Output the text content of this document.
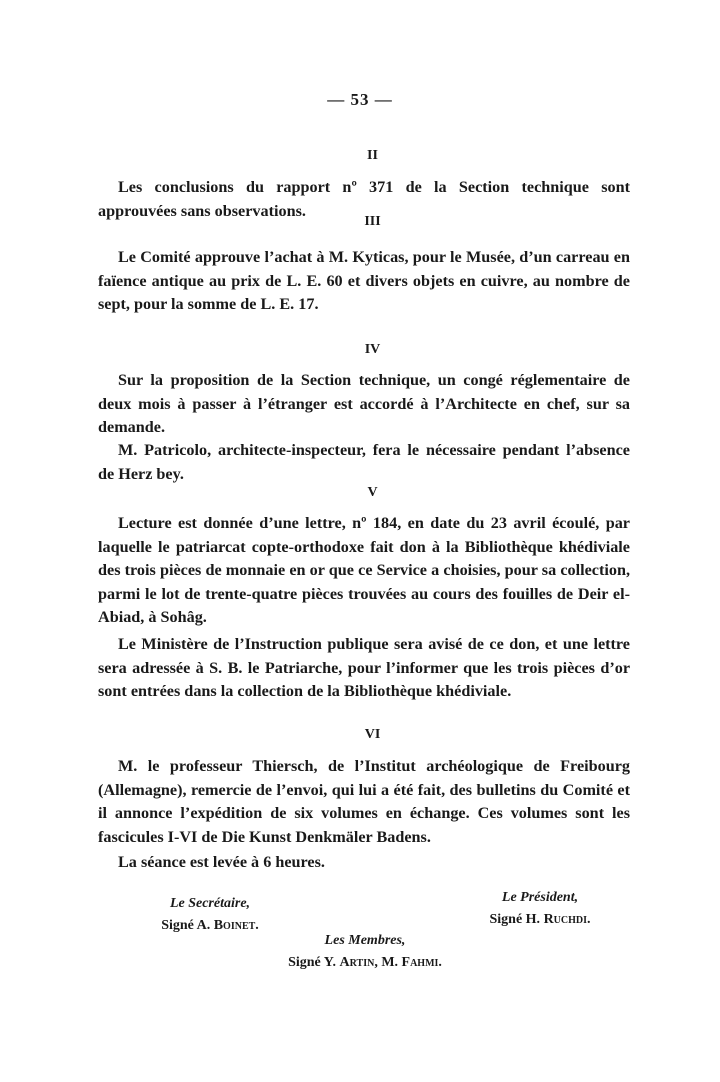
— 53 —
II

Les conclusions du rapport nº 371 de la Section technique sont approuvées sans observations.

III

Le Comité approuve l’achat à M. Kyticas, pour le Musée, d’un carreau en faïence antique au prix de L. E. 60 et divers objets en cuivre, au nombre de sept, pour la somme de L. E. 17.

IV

Sur la proposition de la Section technique, un congé réglementaire de deux mois à passer à l’étranger est accordé à l’Architecte en chef, sur sa demande.

M. Patricolo, architecte-inspecteur, fera le nécessaire pendant l’absence de Herz bey.

V

Lecture est donnée d’une lettre, nº 184, en date du 23 avril écoulé, par laquelle le patriarcat copte-orthodoxe fait don à la Bibliothèque khédiviale des trois pièces de monnaie en or que ce Service a choisies, pour sa collection, parmi le lot de trente-quatre pièces trouvées au cours des fouilles de Deir el-Abiad, à Sohâg.

Le Ministère de l’Instruction publique sera avisé de ce don, et une lettre sera adressée à S. B. le Patriarche, pour l’informer que les trois pièces d’or sont entrées dans la collection de la Bibliothèque khédiviale.

VI

M. le professeur Thiersch, de l’Institut archéologique de Freibourg (Allemagne), remercie de l’envoi, qui lui a été fait, des bulletins du Comité et il annonce l’expédition de six volumes en échange. Ces volumes sont les fascicules I-VI de Die Kunst Denkmäler Badens.

La séance est levée à 6 heures.

Le Secrétaire,
Signé A. Boinet.
Le Président,
Signé H. Ruchdi.
Les Membres,
Signé Y. Artin, M. Fahmi.
